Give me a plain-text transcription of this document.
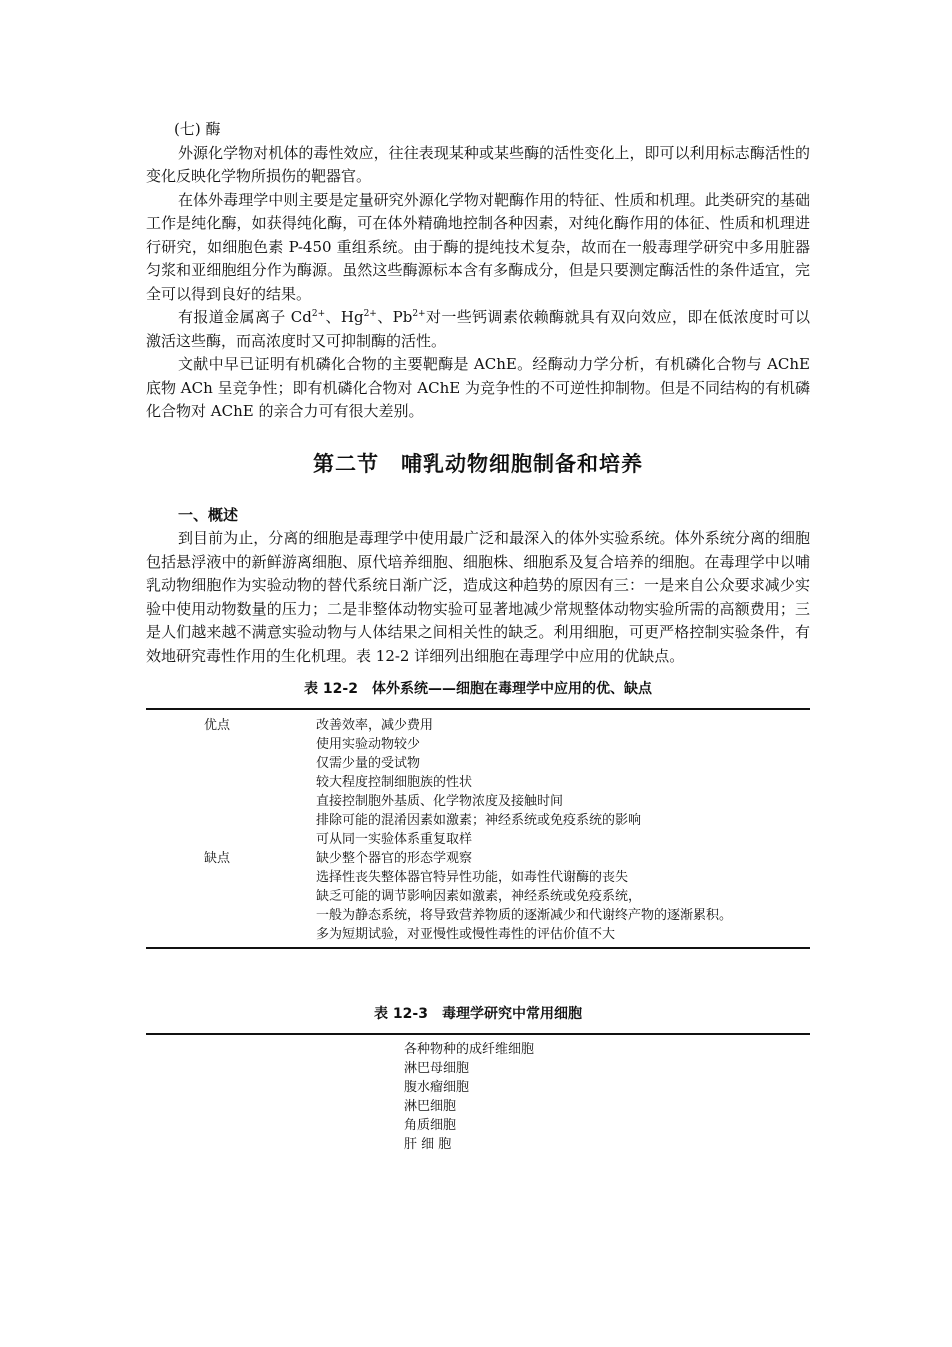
(七) 酶

外源化学物对机体的毒性效应，往往表现某种或某些酶的活性变化上，即可以利用标志酶活性的变化反映化学物所损伤的靶器官。

在体外毒理学中则主要是定量研究外源化学物对靶酶作用的特征、性质和机理。此类研究的基础工作是纯化酶，如获得纯化酶，可在体外精确地控制各种因素，对纯化酶作用的体征、性质和机理进行研究，如细胞色素 P-450 重组系统。由于酶的提纯技术复杂，故而在一般毒理学研究中多用脏器匀浆和亚细胞组分作为酶源。虽然这些酶源标本含有多酶成分，但是只要测定酶活性的条件适宜，完全可以得到良好的结果。

有报道金属离子 $Cd^{2+}$、$Hg^{2+}$、$Pb^{2+}$对一些钙调素依赖酶就具有双向效应，即在低浓度时可以激活这些酶，而高浓度时又可抑制酶的活性。

文献中早已证明有机磷化合物的主要靶酶是 AChE。经酶动力学分析，有机磷化合物与 AChE 底物 ACh 呈竞争性；即有机磷化合物对 AChE 为竞争性的不可逆性抑制物。但是不同结构的有机磷化合物对 AChE 的亲合力可有很大差别。

第二节　哺乳动物细胞制备和培养
一、概述

到目前为止，分离的细胞是毒理学中使用最广泛和最深入的体外实验系统。体外系统分离的细胞包括悬浮液中的新鲜游离细胞、原代培养细胞、细胞株、细胞系及复合培养的细胞。在毒理学中以哺乳动物细胞作为实验动物的替代系统日渐广泛，造成这种趋势的原因有三：一是来自公众要求减少实验中使用动物数量的压力；二是非整体动物实验可显著地减少常规整体动物实验所需的高额费用；三是人们越来越不满意实验动物与人体结果之间相关性的缺乏。利用细胞，可更严格控制实验条件，有效地研究毒性作用的生化机理。表 12-2 详细列出细胞在毒理学中应用的优缺点。

表 12-2　体外系统——细胞在毒理学中应用的优、缺点
优点	改善效率，减少费用
使用实验动物较少
仅需少量的受试物
较大程度控制细胞族的性状
直接控制胞外基质、化学物浓度及接触时间
排除可能的混淆因素如激素；神经系统或免疫系统的影响
可从同一实验体系重复取样
缺点	缺少整个器官的形态学观察
选择性丧失整体器官特异性功能，如毒性代谢酶的丧失
缺乏可能的调节影响因素如激素，神经系统或免疫系统，
一般为静态系统，将导致营养物质的逐渐减少和代谢终产物的逐渐累积。
多为短期试验，对亚慢性或慢性毒性的评估价值不大
表 12-3　毒理学研究中常用细胞
各种物种的成纤维细胞
淋巴母细胞
腹水瘤细胞
淋巴细胞
角质细胞
肝 细 胞
